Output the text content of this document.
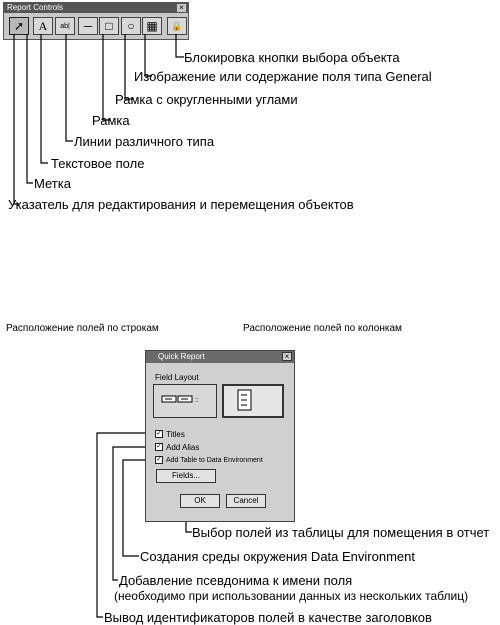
Report Controls	×
➚ A ab| ─ □ ○ ▦ 🔒
Блокировка кнопки выбора объекта
Изображение или содержание поля типа General
Рамка с округленными углами
Рамка
Линии различного типа
Текстовое поле
Метка
Указатель для редактирования и перемещения объектов
Расположение полей по строкам	Расположение полей по колонкам
Quick Report	×
Field Layout
::
✓ Titles
✓ Add Alias
✓ Add Table to Data Environment
Fields...
OK	Cancel
Выбор полей из таблицы для помещения в отчет
Создания среды окружения Data Environment
Добавление псевдонима к имени поля
(необходимо при использовании данных из нескольких таблиц)
Вывод идентификаторов полей в качестве заголовков
